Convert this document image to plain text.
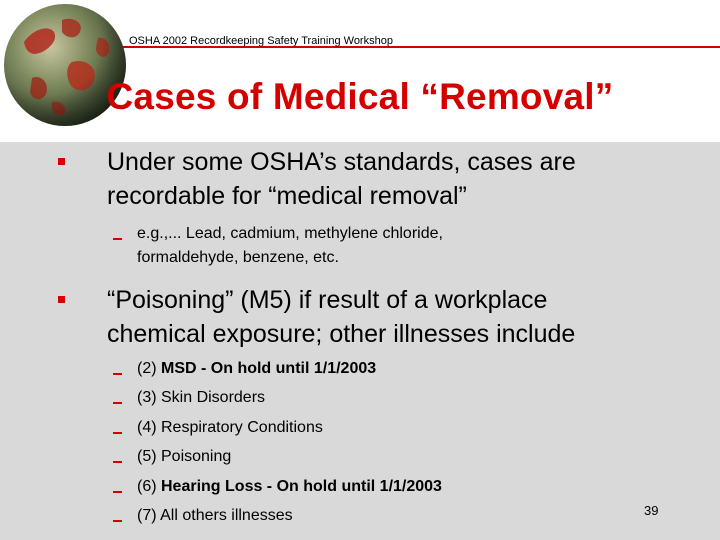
OSHA 2002 Recordkeeping Safety Training Workshop
Cases of Medical “Removal”
Under some OSHA’s standards, cases are
recordable for “medical removal”
e.g.,... Lead, cadmium, methylene chloride,
formaldehyde, benzene, etc.
“Poisoning” (M5) if result of a workplace
chemical exposure; other illnesses include
(2) MSD - On hold until 1/1/2003
(3) Skin Disorders
(4) Respiratory Conditions
(5) Poisoning
(6) Hearing Loss - On hold until 1/1/2003
(7) All others illnesses	39
